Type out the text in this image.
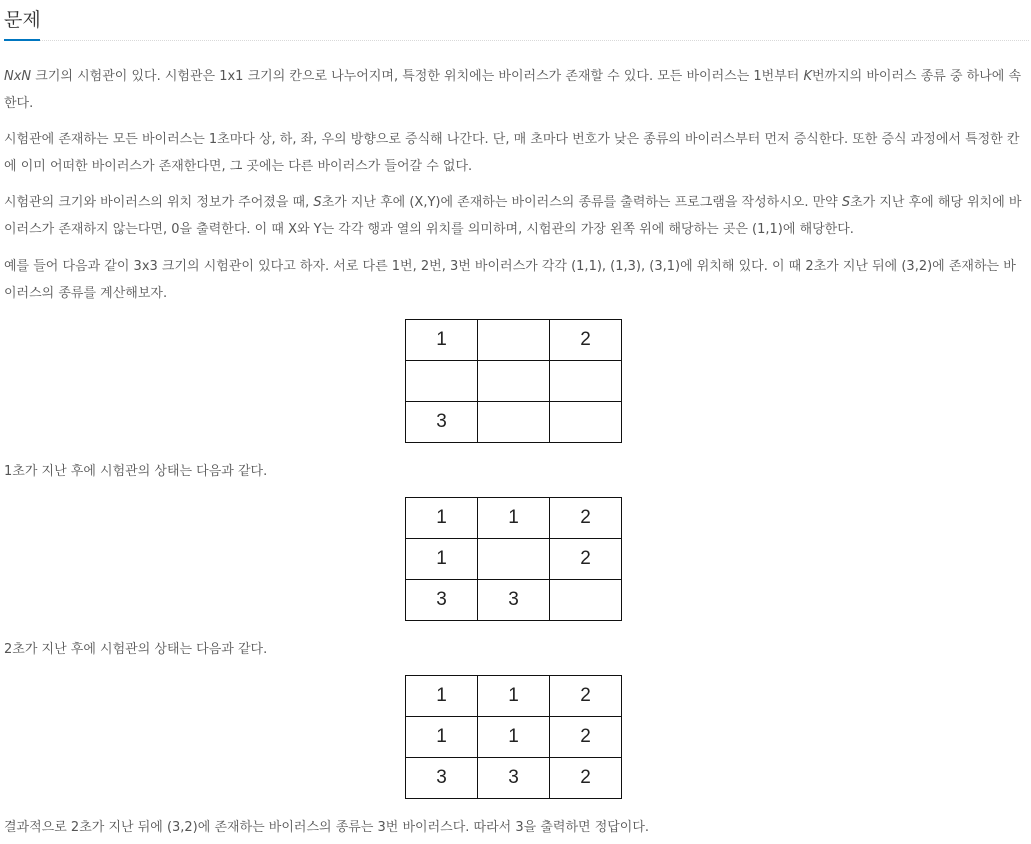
문제

NxN 크기의 시험관이 있다. 시험관은 1x1 크기의 칸으로 나누어지며, 특정한 위치에는 바이러스가 존재할 수 있다. 모든 바이러스는 1번부터 K번까지의 바이러스 종류 중 하나에 속한다.

시험관에 존재하는 모든 바이러스는 1초마다 상, 하, 좌, 우의 방향으로 증식해 나간다. 단, 매 초마다 번호가 낮은 종류의 바이러스부터 먼저 증식한다. 또한 증식 과정에서 특정한 칸에 이미 어떠한 바이러스가 존재한다면, 그 곳에는 다른 바이러스가 들어갈 수 없다.

시험관의 크기와 바이러스의 위치 정보가 주어졌을 때, S초가 지난 후에 (X,Y)에 존재하는 바이러스의 종류를 출력하는 프로그램을 작성하시오. 만약 S초가 지난 후에 해당 위치에 바이러스가 존재하지 않는다면, 0을 출력한다. 이 때 X와 Y는 각각 행과 열의 위치를 의미하며, 시험관의 가장 왼쪽 위에 해당하는 곳은 (1,1)에 해당한다.

예를 들어 다음과 같이 3x3 크기의 시험관이 있다고 하자. 서로 다른 1번, 2번, 3번 바이러스가 각각 (1,1), (1,3), (3,1)에 위치해 있다. 이 때 2초가 지난 뒤에 (3,2)에 존재하는 바이러스의 종류를 계산해보자.

1		2

3		

1초가 지난 후에 시험관의 상태는 다음과 같다.

1	1	2
1		2
3	3	

2초가 지난 후에 시험관의 상태는 다음과 같다.

1	1	2
1	1	2
3	3	2

결과적으로 2초가 지난 뒤에 (3,2)에 존재하는 바이러스의 종류는 3번 바이러스다. 따라서 3을 출력하면 정답이다.
